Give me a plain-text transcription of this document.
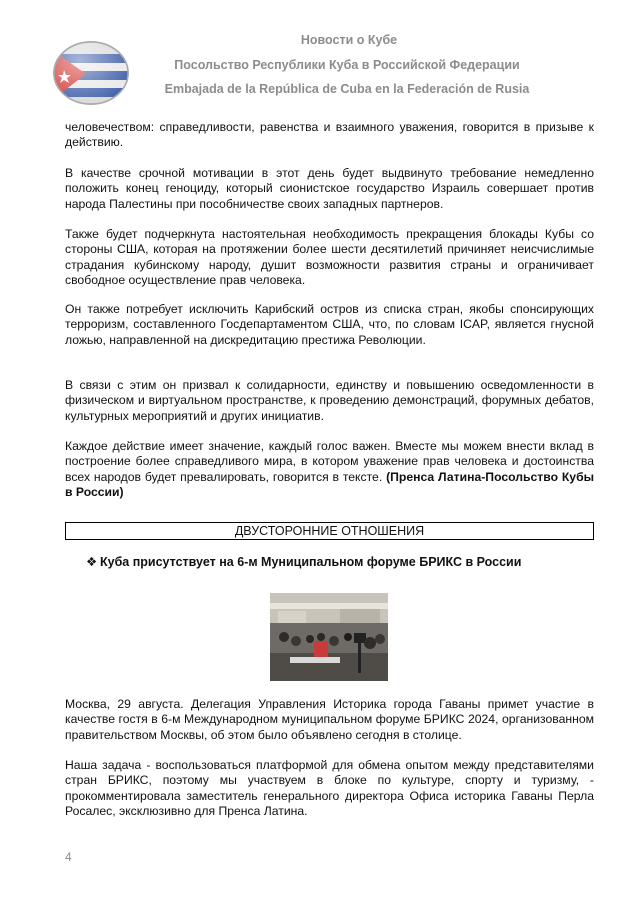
Новости о Кубе
Посольство Республики Куба в Российской Федерации
Embajada de la República de Cuba en la Federación de Rusia

человечеством: справедливости, равенства и взаимного уважения, говорится в призыве к действию.

В качестве срочной мотивации в этот день будет выдвинуто требование немедленно положить конец геноциду, который сионистское государство Израиль совершает против народа Палестины при пособничестве своих западных партнеров.

Также будет подчеркнута настоятельная необходимость прекращения блокады Кубы со стороны США, которая на протяжении более шести десятилетий причиняет неисчислимые страдания кубинскому народу, душит возможности развития страны и ограничивает свободное осуществление прав человека.

Он также потребует исключить Карибский остров из списка стран, якобы спонсирующих терроризм, составленного Госдепартаментом США, что, по словам ICAP, является гнусной ложью, направленной на дискредитацию престижа Революции.

В связи с этим он призвал к солидарности, единству и повышению осведомленности в физическом и виртуальном пространстве, к проведению демонстраций, форумных дебатов, культурных мероприятий и других инициатив.

Каждое действие имеет значение, каждый голос важен. Вместе мы можем внести вклад в построение более справедливого мира, в котором уважение прав человека и достоинства всех народов будет превалировать, говорится в тексте. (Пренса Латина-Посольство Кубы в России)

ДВУСТОРОННИЕ ОТНОШЕНИЯ
❖ Куба присутствует на 6-м Муниципальном форуме БРИКС в России

Москва, 29 августа. Делегация Управления Историка города Гаваны примет участие в качестве гостя в 6-м Международном муниципальном форуме БРИКС 2024, организованном правительством Москвы, об этом было объявлено сегодня в столице.

Наша задача - воспользоваться платформой для обмена опытом между представителями стран БРИКС, поэтому мы участвуем в блоке по культуре, спорту и туризму, - прокомментировала заместитель генерального директора Офиса историка Гаваны Перла Росалес, эксклюзивно для Пренса Латина.

4
